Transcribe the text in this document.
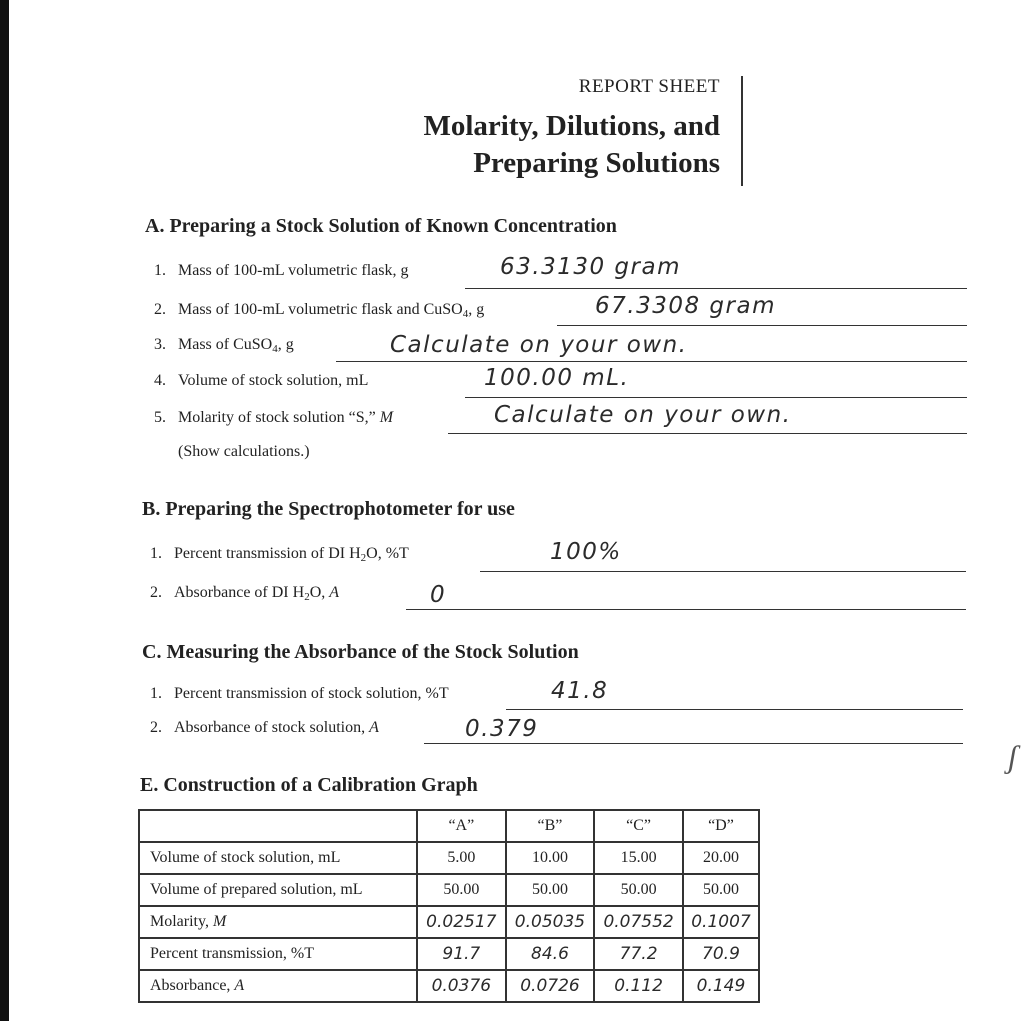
REPORT SHEET
Molarity, Dilutions, and
Preparing Solutions
A. Preparing a Stock Solution of Known Concentration
1. Mass of 100-mL volumetric flask, g	63.3130 gram
2. Mass of 100-mL volumetric flask and CuSO$_4$, g	67.3308 gram
3. Mass of CuSO$_4$, g	Calculate on your own.
4. Volume of stock solution, mL	100.00 mL.
5. Molarity of stock solution “S,” M	Calculate on your own.
(Show calculations.)
B. Preparing the Spectrophotometer for use
1. Percent transmission of DI $H_2O$, %T	100%
2. Absorbance of DI $H_2O$, A	0
C. Measuring the Absorbance of the Stock Solution
1. Percent transmission of stock solution, %T	41.8
2. Absorbance of stock solution, A	0.379
E. Construction of a Calibration Graph
	“A”	“B”	“C”	“D”
Volume of stock solution, mL	5.00	10.00	15.00	20.00
Volume of prepared solution, mL	50.00	50.00	50.00	50.00
Molarity, M	0.02517	0.05035	0.07552	0.1007
Percent transmission, %T	91.7	84.6	77.2	70.9
Absorbance, A	0.0376	0.0726	0.112	0.149
ʃ
